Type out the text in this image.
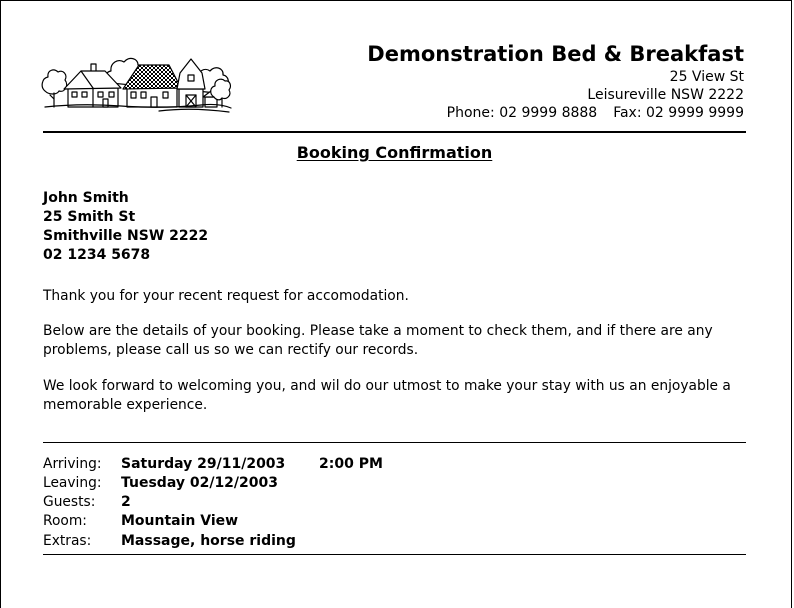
Demonstration Bed & Breakfast
25 View St
Leisureville NSW 2222
Phone: 02 9999 8888 Fax: 02 9999 9999
Booking Confirmation
John Smith
25 Smith St
Smithville NSW 2222
02 1234 5678
Thank you for your recent request for accomodation.
Below are the details of your booking. Please take a moment to check them, and if there are any
problems, please call us so we can rectify our records.
We look forward to welcoming you, and wil do our utmost to make your stay with us an enjoyable a
memorable experience.
Arriving: Saturday 29/11/2003 2:00 PM
Leaving: Tuesday 02/12/2003
Guests: 2
Room: Mountain View
Extras: Massage, horse riding
